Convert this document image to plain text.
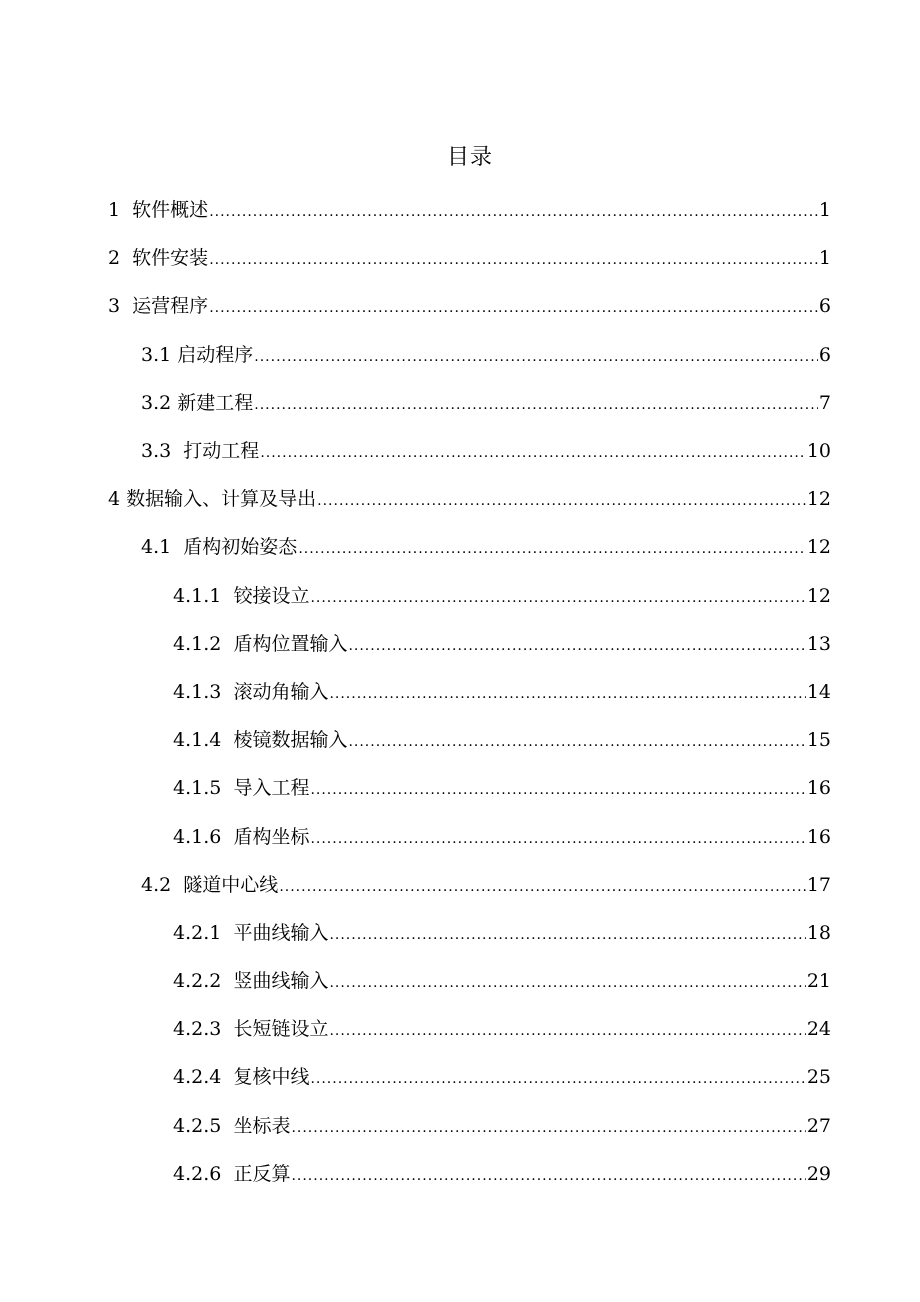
目录
1 软件概述 .....	1
2 软件安装 .....	1
3 运营程序 .....	6
3.1 启动程序 .....	6
3.2 新建工程 .....	7
3.3 打动工程 .....	10
4 数据输入、计算及导出 .....	12
4.1 盾构初始姿态 .....	12
4.1.1 铰接设立 .....	12
4.1.2 盾构位置输入 .....	13
4.1.3 滚动角输入 .....	14
4.1.4 棱镜数据输入 .....	15
4.1.5 导入工程 .....	16
4.1.6 盾构坐标 .....	16
4.2 隧道中心线 .....	17
4.2.1 平曲线输入 .....	18
4.2.2 竖曲线输入 .....	21
4.2.3 长短链设立 .....	24
4.2.4 复核中线 .....	25
4.2.5 坐标表 .....	27
4.2.6 正反算 .....	29
